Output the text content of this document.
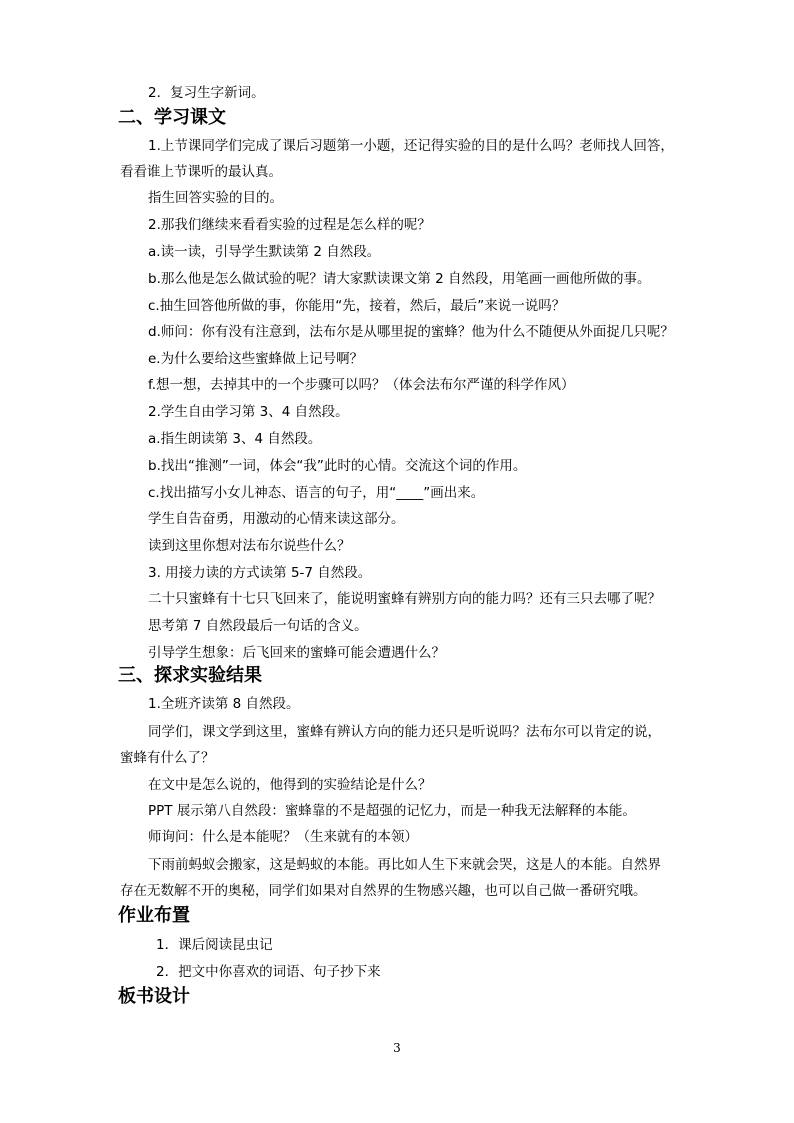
2．复习生字新词。
二、学习课文
1.上节课同学们完成了课后习题第一小题，还记得实验的目的是什么吗？老师找人回答，
看看谁上节课听的最认真。
指生回答实验的目的。
2.那我们继续来看看实验的过程是怎么样的呢？
a.读一读，引导学生默读第 2 自然段。
b.那么他是怎么做试验的呢？请大家默读课文第 2 自然段，用笔画一画他所做的事。
c.抽生回答他所做的事，你能用“先，接着，然后，最后”来说一说吗？
d.师问：你有没有注意到，法布尔是从哪里捉的蜜蜂？他为什么不随便从外面捉几只呢？
e.为什么要给这些蜜蜂做上记号啊？
f.想一想，去掉其中的一个步骤可以吗？（体会法布尔严谨的科学作风）
2.学生自由学习第 3、4 自然段。
a.指生朗读第 3、4 自然段。
b.找出“推测”一词，体会“我”此时的心情。交流这个词的作用。
c.找出描写小女儿神态、语言的句子，用“____”画出来。
学生自告奋勇，用激动的心情来读这部分。
读到这里你想对法布尔说些什么？
3. 用接力读的方式读第 5-7 自然段。
二十只蜜蜂有十七只飞回来了，能说明蜜蜂有辨别方向的能力吗？还有三只去哪了呢？
思考第 7 自然段最后一句话的含义。
引导学生想象：后飞回来的蜜蜂可能会遭遇什么？
三、探求实验结果
1.全班齐读第 8 自然段。
同学们，课文学到这里，蜜蜂有辨认方向的能力还只是听说吗？法布尔可以肯定的说，
蜜蜂有什么了？
在文中是怎么说的，他得到的实验结论是什么？
PPT 展示第八自然段：蜜蜂靠的不是超强的记忆力，而是一种我无法解释的本能。
师询问：什么是本能呢？（生来就有的本领）
下雨前蚂蚁会搬家，这是蚂蚁的本能。再比如人生下来就会哭，这是人的本能。自然界
存在无数解不开的奥秘，同学们如果对自然界的生物感兴趣，也可以自己做一番研究哦。
作业布置
1．课后阅读昆虫记
2．把文中你喜欢的词语、句子抄下来
板书设计
3
